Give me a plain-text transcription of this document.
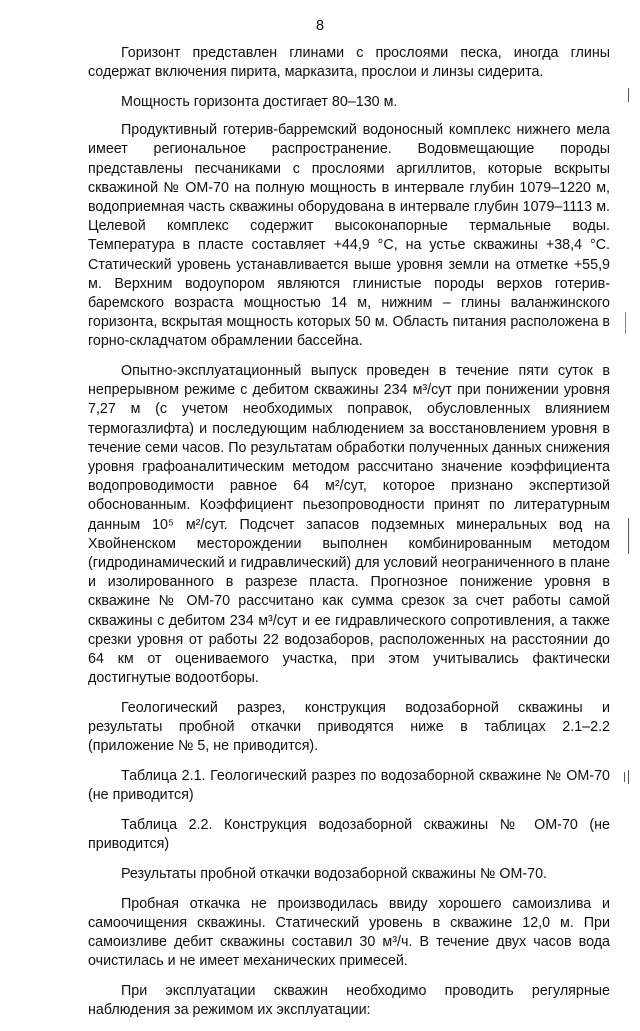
8

Горизонт представлен глинами с прослоями песка, иногда глины содержат включения пирита, марказита, прослои и линзы сидерита.

Мощность горизонта достигает 80–130 м.

Продуктивный готерив-барремский водоносный комплекс нижнего мела имеет региональное распространение. Водовмещающие породы представлены песчаниками с прослоями аргиллитов, которые вскрыты скважиной № ОМ-70 на полную мощность в интервале глубин 1079–1220 м, водоприемная часть скважины оборудована в интервале глубин 1079–1113 м. Целевой комплекс содержит высоконапорные термальные воды. Температура в пласте составляет +44,9 °С, на устье скважины +38,4 °С. Статический уровень устанавливается выше уровня земли на отметке +55,9 м. Верхним водоупором являются глинистые породы верхов готерив-баремского возраста мощностью 14 м, нижним – глины валанжинского горизонта, вскрытая мощность которых 50 м. Область питания расположена в горно-складчатом обрамлении бассейна.

Опытно-эксплуатационный выпуск проведен в течение пяти суток в непрерывном режиме с дебитом скважины 234 м³/сут при понижении уровня 7,27 м (с учетом необходимых поправок, обусловленных влиянием термогазлифта) и последующим наблюдением за восстановлением уровня в течение семи часов. По результатам обработки полученных данных снижения уровня графоаналитическим методом рассчитано значение коэффициента водопроводимости равное 64 м²/сут, которое признано экспертизой обоснованным. Коэффициент пьезопроводности принят по литературным данным 10⁵ м²/сут. Подсчет запасов подземных минеральных вод на Хвойненском месторождении выполнен комбинированным методом (гидродинамический и гидравлический) для условий неограниченного в плане и изолированного в разрезе пласта. Прогнозное понижение уровня в скважине № ОМ-70 рассчитано как сумма срезок за счет работы самой скважины с дебитом 234 м³/сут и ее гидравлического сопротивления, а также срезки уровня от работы 22 водозаборов, расположенных на расстоянии до 64 км от оцениваемого участка, при этом учитывались фактически достигнутые водоотборы.

Геологический разрез, конструкция водозаборной скважины и результаты пробной откачки приводятся ниже в таблицах 2.1–2.2 (приложение № 5, не приводится).

Таблица 2.1. Геологический разрез по водозаборной скважине № ОМ-70 (не приводится)

Таблица 2.2. Конструкция водозаборной скважины № ОМ-70 (не приводится)

Результаты пробной откачки водозаборной скважины № ОМ-70.

Пробная откачка не производилась ввиду хорошего самоизлива и самоочищения скважины. Статический уровень в скважине 12,0 м. При самоизливе дебит скважины составил 30 м³/ч. В течение двух часов вода очистилась и не имеет механических примесей.

При эксплуатации скважин необходимо проводить регулярные наблюдения за режимом их эксплуатации:
